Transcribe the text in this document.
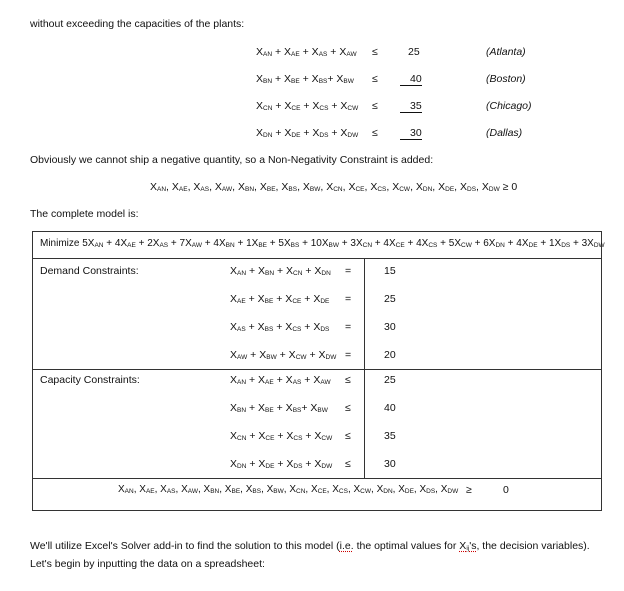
without exceeding the capacities of the plants:
$X_{AN} + X_{AE} + X_{AS} + X_{AW}$ ≤	25	(Atlanta)
$X_{BN} + X_{BE} + X_{BS}+ X_{BW}$ ≤	40	(Boston)
$X_{CN} + X_{CE} + X_{CS} + X_{CW}$ ≤	35	(Chicago)
$X_{DN} + X_{DE} + X_{DS} + X_{DW}$ ≤	30	(Dallas)
Obviously we cannot ship a negative quantity, so a Non-Negativity Constraint is added:
$X_{AN}$, $X_{AE}$, $X_{AS}$, $X_{AW}$, $X_{BN}$, $X_{BE}$, $X_{BS}$, $X_{BW}$, $X_{CN}$, $X_{CE}$, $X_{CS}$, $X_{CW}$, $X_{DN}$, $X_{DE}$, $X_{DS}$, $X_{DW} \ge 0$
The complete model is:
Minimize $5X_{AN} + 4X_{AE} + 2X_{AS} + 7X_{AW} + 4X_{BN} + 1X_{BE} + 5X_{BS} + 10X_{BW} + 3X_{CN} + 4X_{CE} + 4X_{CS} + 5X_{CW} + 6X_{DN} + 4X_{DE} + 1X_{DS} + 3X_{DW}$
Demand Constraints:	$X_{AN} + X_{BN} + X_{CN} + X_{DN}$ =	15
$X_{AE} + X_{BE} + X_{CE} + X_{DE}$ =	25
$X_{AS} + X_{BS} + X_{CS} + X_{DS}$ =	30
$X_{AW} + X_{BW} + X_{CW} + X_{DW}$ =	20
Capacity Constraints:	$X_{AN} + X_{AE} + X_{AS} + X_{AW}$ ≤	25
$X_{BN} + X_{BE} + X_{BS}+ X_{BW}$ ≤	40
$X_{CN} + X_{CE} + X_{CS} + X_{CW}$ ≤	35
$X_{DN} + X_{DE} + X_{DS} + X_{DW}$ ≤	30
$X_{AN}$, $X_{AE}$, $X_{AS}$, $X_{AW}$, $X_{BN}$, $X_{BE}$, $X_{BS}$, $X_{BW}$, $X_{CN}$, $X_{CE}$, $X_{CS}$, $X_{CW}$, $X_{DN}$, $X_{DE}$, $X_{DS}$, $X_{DW}$ ≥	0
We'll utilize Excel's Solver add-in to find the solution to this model (i.e. the optimal values for $X_{ij}'s$, the decision variables). Let's begin by inputting the data on a spreadsheet:
